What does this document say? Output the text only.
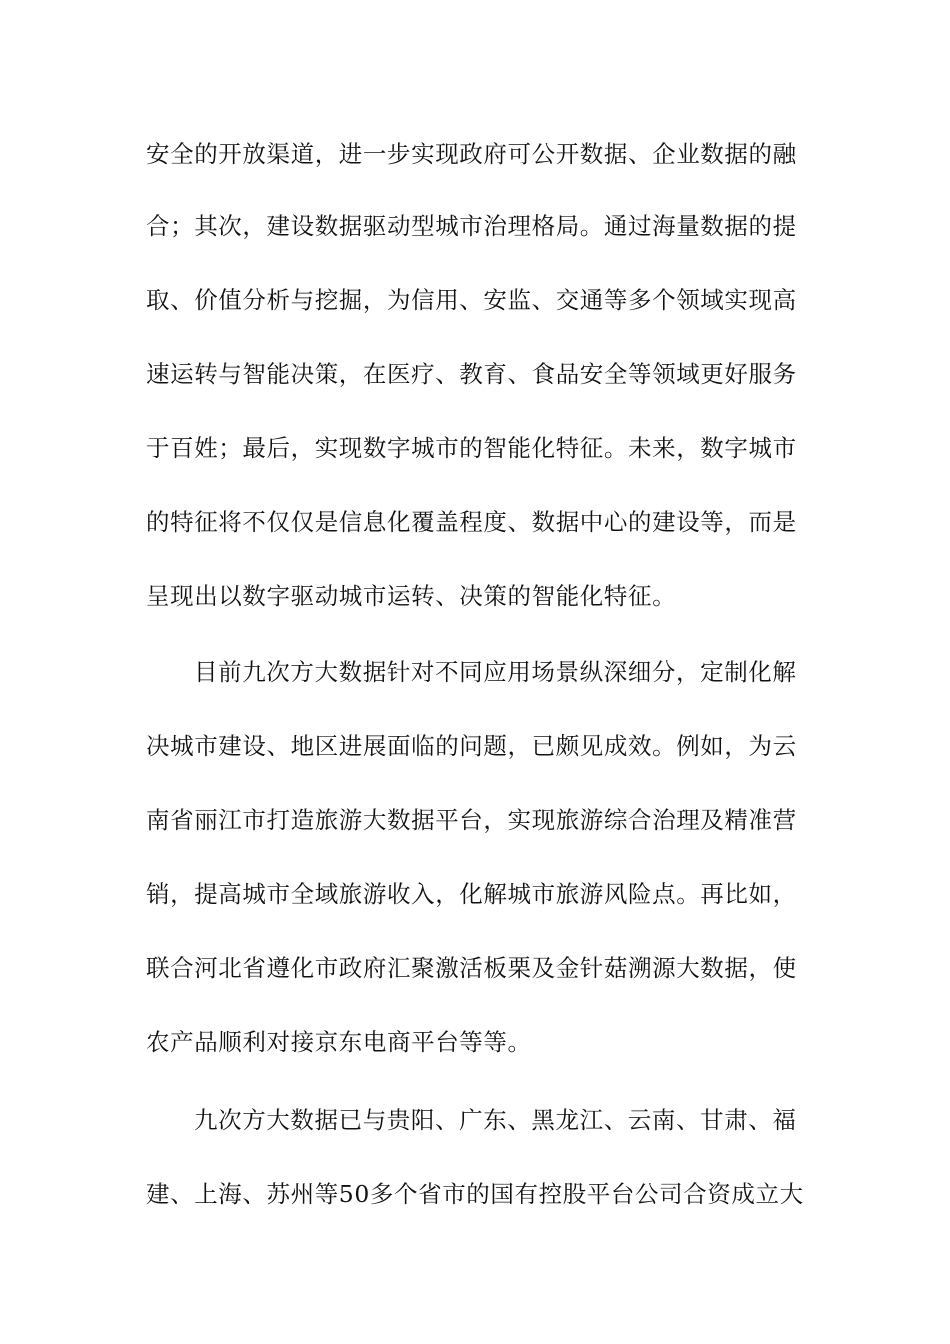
安全的开放渠道，进一步实现政府可公开数据、企业数据的融
合；其次，建设数据驱动型城市治理格局。通过海量数据的提
取、价值分析与挖掘，为信用、安监、交通等多个领域实现高
速运转与智能决策，在医疗、教育、食品安全等领域更好服务
于百姓；最后，实现数字城市的智能化特征。未来，数字城市
的特征将不仅仅是信息化覆盖程度、数据中心的建设等，而是
呈现出以数字驱动城市运转、决策的智能化特征。
目前九次方大数据针对不同应用场景纵深细分，定制化解
决城市建设、地区进展面临的问题，已颇见成效。例如，为云
南省丽江市打造旅游大数据平台，实现旅游综合治理及精准营
销，提高城市全域旅游收入，化解城市旅游风险点。再比如，
联合河北省遵化市政府汇聚激活板栗及金针菇溯源大数据，使
农产品顺利对接京东电商平台等等。
九次方大数据已与贵阳、广东、黑龙江、云南、甘肃、福
建、上海、苏州等50多个省市的国有控股平台公司合资成立大
